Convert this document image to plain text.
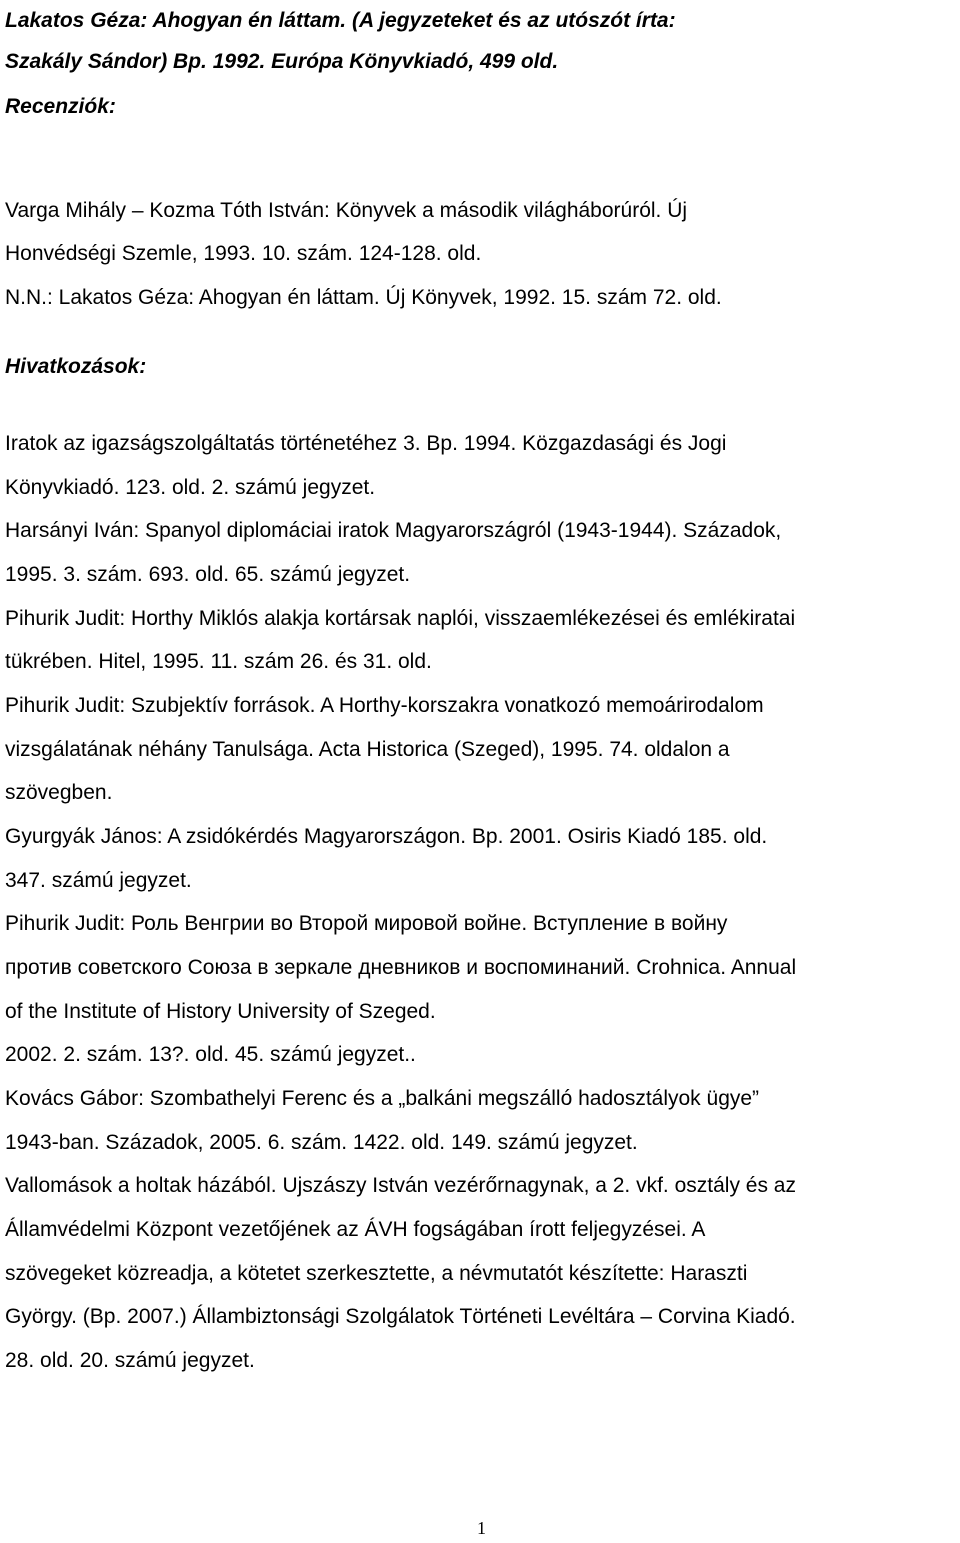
Lakatos Géza: Ahogyan én láttam. (A jegyzeteket és az utószót írta:
Szakály Sándor) Bp. 1992. Európa Könyvkiadó, 499 old.
Recenziók:
Varga Mihály – Kozma Tóth István: Könyvek a második világháborúról. Új
Honvédségi Szemle, 1993. 10. szám. 124-128. old.
N.N.: Lakatos Géza: Ahogyan én láttam. Új Könyvek, 1992. 15. szám 72. old.
Hivatkozások:
Iratok az igazságszolgáltatás történetéhez 3. Bp. 1994. Közgazdasági és Jogi
Könyvkiadó. 123. old. 2. számú jegyzet.
Harsányi Iván: Spanyol diplomáciai iratok Magyarországról (1943-1944). Századok,
1995. 3. szám. 693. old. 65. számú jegyzet.
Pihurik Judit: Horthy Miklós alakja kortársak naplói, visszaemlékezései és emlékiratai
tükrében. Hitel, 1995. 11. szám 26. és 31. old.
Pihurik Judit: Szubjektív források. A Horthy-korszakra vonatkozó memoárirodalom
vizsgálatának néhány Tanulsága. Acta Historica (Szeged), 1995. 74. oldalon a
szövegben.
Gyurgyák János: A zsidókérdés Magyarországon. Bp. 2001. Osiris Kiadó 185. old.
347. számú jegyzet.
Pihurik Judit: Роль Венгрии во Второй мировой войне. Вступление в войну
против советского Союза в зеркале дневников и воспоминаний. Crohnica. Annual
of the Institute of History University of Szeged.
2002. 2. szám. 13?. old. 45. számú jegyzet..
Kovács Gábor: Szombathelyi Ferenc és a „balkáni megszálló hadosztályok ügye”
1943-ban. Századok, 2005. 6. szám. 1422. old. 149. számú jegyzet.
Vallomások a holtak házából. Ujszászy István vezérőrnagynak, a 2. vkf. osztály és az
Államvédelmi Központ vezetőjének az ÁVH fogságában írott feljegyzései. A
szövegeket közreadja, a kötetet szerkesztette, a névmutatót készítette: Haraszti
György. (Bp. 2007.) Állambiztonsági Szolgálatok Történeti Levéltára – Corvina Kiadó.
28. old. 20. számú jegyzet.
1
